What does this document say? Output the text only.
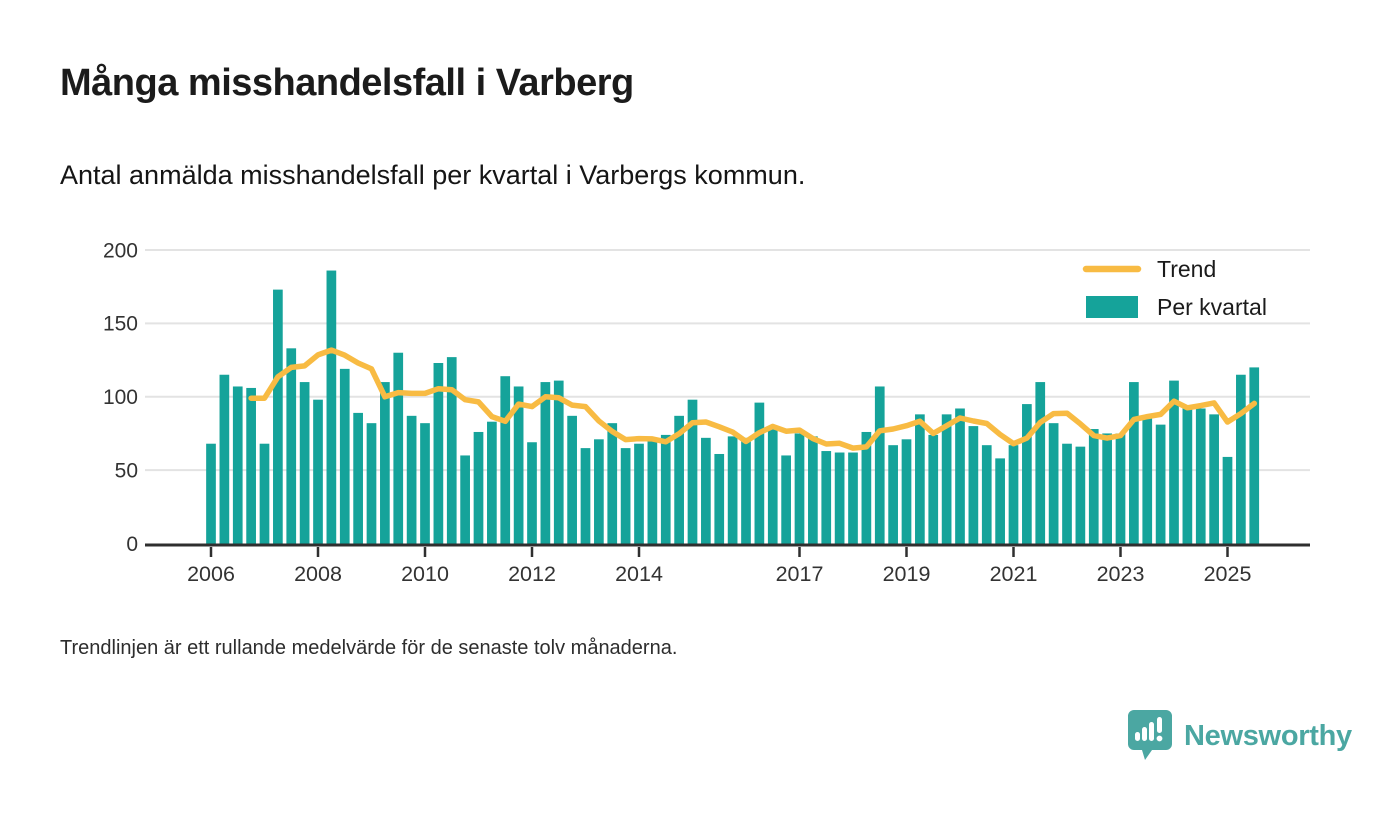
Många misshandelsfall i Varberg
Antal anmälda misshandelsfall per kvartal i Varbergs kommun.
0
50
100
150
200
2006	2008	2010	2012	2014	2017	2019	2021	2023	2025
Trend
Per kvartal
Trendlinjen är ett rullande medelvärde för de senaste tolv månaderna.
Newsworthy
